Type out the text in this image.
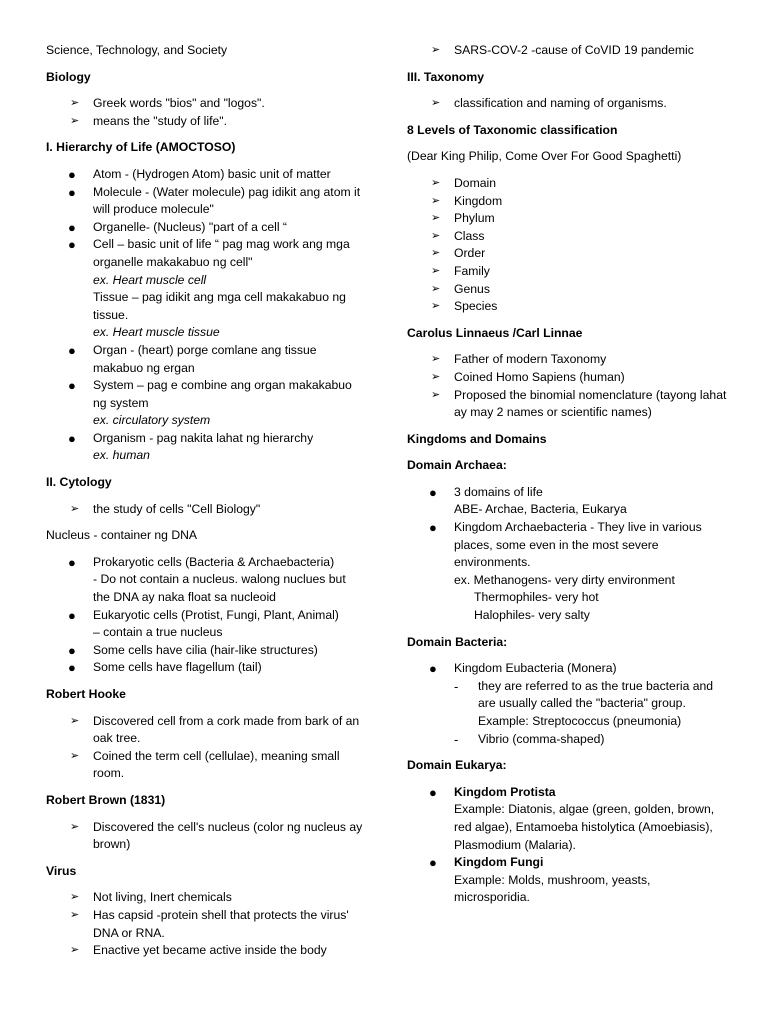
Science, Technology, and Society

Biology

➢ Greek words "bios" and "logos".
➢ means the "study of life".

I. Hierarchy of Life (AMOCTOSO)

● Atom - (Hydrogen Atom) basic unit of matter
● Molecule - (Water molecule) pag idikit ang atom it will produce molecule"
● Organelle- (Nucleus) "part of a cell “
● Cell – basic unit of life “ pag mag work ang mga organelle makakabuo ng cell"

ex. Heart muscle cell

Tissue – pag idikit ang mga cell makakabuo ng tissue.

ex. Heart muscle tissue

● Organ - (heart) porge comlane ang tissue makabuo ng ergan
● System – pag e combine ang organ makakabuo ng system

ex. circulatory system

● Organism - pag nakita lahat ng hierarchy

ex. human

II. Cytology

➢ the study of cells "Cell Biology"

Nucleus - container ng DNA

● Prokaryotic cells (Bacteria & Archaebacteria)

- Do not contain a nucleus. walong nuclues but the DNA ay naka float sa nucleoid

● Eukaryotic cells (Protist, Fungi, Plant, Animal)

– contain a true nucleus

● Some cells have cilia (hair-like structures)
● Some cells have flagellum (tail)

Robert Hooke

➢ Discovered cell from a cork made from bark of an oak tree.
➢ Coined the term cell (cellulae), meaning small room.

Robert Brown (1831)

➢ Discovered the cell's nucleus (color ng nucleus ay brown)

Virus

➢ Not living, Inert chemicals
➢ Has capsid -protein shell that protects the virus' DNA or RNA.
➢ Enactive yet became active inside the body
➢ SARS-COV-2 -cause of CoVID 19 pandemic

III. Taxonomy

➢ classification and naming of organisms.

8 Levels of Taxonomic classification

(Dear King Philip, Come Over For Good Spaghetti)

➢ Domain
➢ Kingdom
➢ Phylum
➢ Class
➢ Order
➢ Family
➢ Genus
➢ Species

Carolus Linnaeus /Carl Linnae

➢ Father of modern Taxonomy
➢ Coined Homo Sapiens (human)
➢ Proposed the binomial nomenclature (tayong lahat ay may 2 names or scientific names)

Kingdoms and Domains

Domain Archaea:

● 3 domains of life

ABE- Archae, Bacteria, Eukarya

● Kingdom Archaebacteria - They live in various places, some even in the most severe environments.

ex. Methanogens- very dirty environment

Thermophiles- very hot

Halophiles- very salty

Domain Bacteria:

● Kingdom Eubacteria (Monera)
- they are referred to as the true bacteria and are usually called the "bacteria" group.

Example: Streptococcus (pneumonia)

- Vibrio (comma-shaped)

Domain Eukarya:

● Kingdom Protista

Example: Diatonis, algae (green, golden, brown, red algae), Entamoeba histolytica (Amoebiasis), Plasmodium (Malaria).

● Kingdom Fungi

Example: Molds, mushroom, yeasts, microsporidia.
